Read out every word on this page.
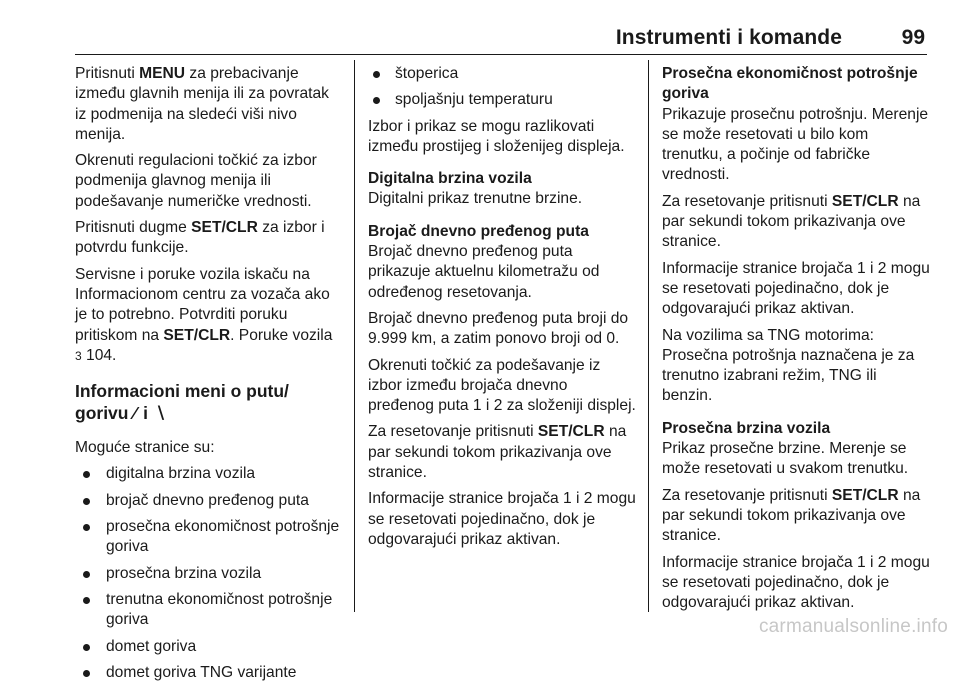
Instrumenti i komande	99

Pritisnuti MENU za prebacivanje između glavnih menija ili za povratak iz podmenija na sledeći viši nivo menija.

Okrenuti regulacioni točkić za izbor podmenija glavnog menija ili podešavanje numeričke vrednosti.

Pritisnuti dugme SET/CLR za izbor i potvrdu funkcije.

Servisne i poruke vozila iskaču na Informacionom centru za vozača ako je to potrebno. Potvrditi poruku pritiskom na SET/CLR. Poruke vozila
3 104.

Informacioni meni o putu/ gorivu ⁄ i ∖

Moguće stranice su:

digitalna brzina vozila
brojač dnevno pređenog puta
prosečna ekonomičnost potrošnje goriva
prosečna brzina vozila
trenutna ekonomičnost potrošnje goriva
domet goriva
domet goriva TNG varijante
štoperica
spoljašnju temperaturu

Izbor i prikaz se mogu razlikovati između prostijeg i složenijeg displeja.

Digitalna brzina vozila

Digitalni prikaz trenutne brzine.

Brojač dnevno pređenog puta

Brojač dnevno pređenog puta prikazuje aktuelnu kilometražu od određenog resetovanja.

Brojač dnevno pređenog puta broji do 9.999 km, a zatim ponovo broji od 0.

Okrenuti točkić za podešavanje iz izbor između brojača dnevno pređenog puta 1 i 2 za složeniji displej.

Za resetovanje pritisnuti SET/CLR na par sekundi tokom prikazivanja ove stranice.

Informacije stranice brojača 1 i 2 mogu se resetovati pojedinačno, dok je odgovarajući prikaz aktivan.

Prosečna ekonomičnost potrošnje goriva

Prikazuje prosečnu potrošnju. Merenje se može resetovati u bilo kom trenutku, a počinje od fabričke vrednosti.

Za resetovanje pritisnuti SET/CLR na par sekundi tokom prikazivanja ove stranice.

Informacije stranice brojača 1 i 2 mogu se resetovati pojedinačno, dok je odgovarajući prikaz aktivan.

Na vozilima sa TNG motorima: Prosečna potrošnja naznačena je za trenutno izabrani režim, TNG ili benzin.

Prosečna brzina vozila

Prikaz prosečne brzine. Merenje se može resetovati u svakom trenutku.

Za resetovanje pritisnuti SET/CLR na par sekundi tokom prikazivanja ove stranice.

Informacije stranice brojača 1 i 2 mogu se resetovati pojedinačno, dok je odgovarajući prikaz aktivan.

carmanualsonline.info
